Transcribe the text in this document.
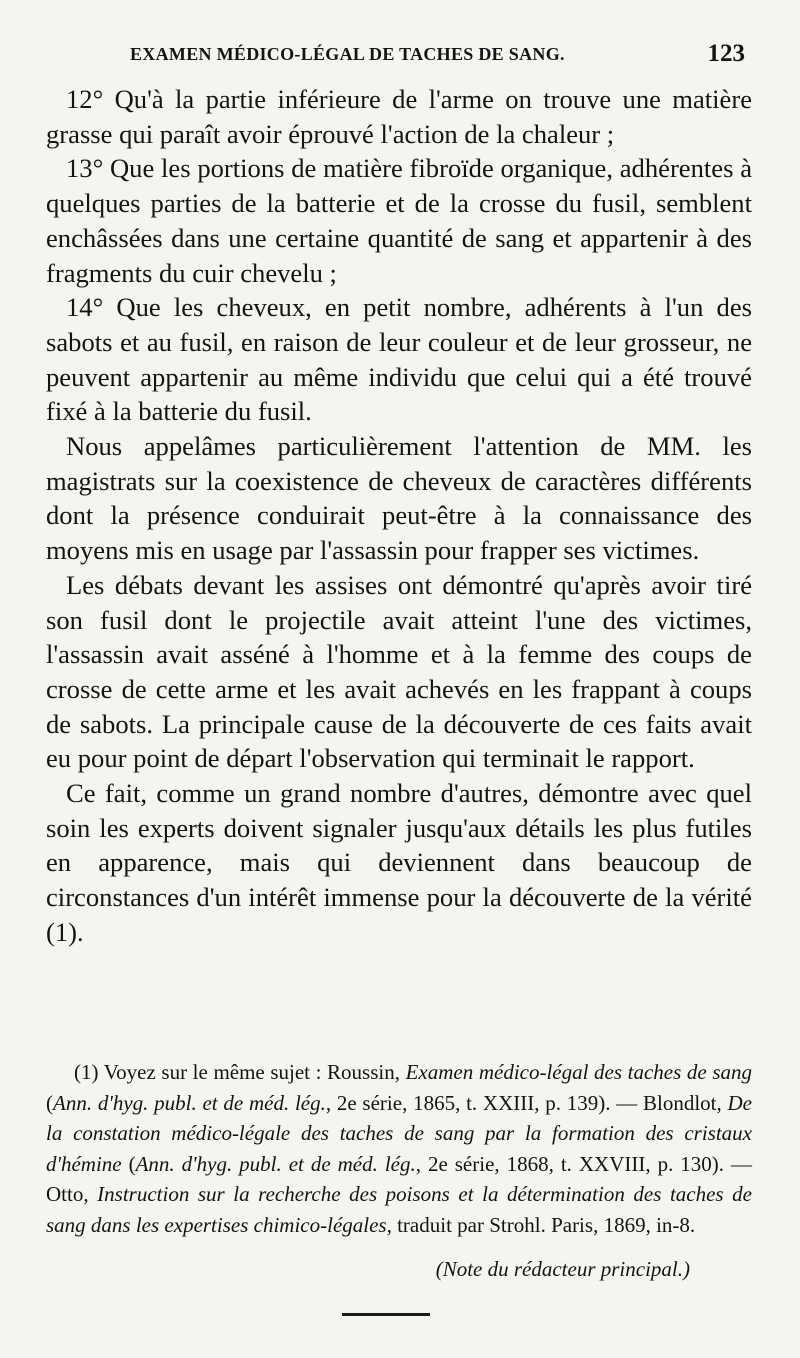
EXAMEN MÉDICO-LÉGAL DE TACHES DE SANG.	123

12° Qu'à la partie inférieure de l'arme on trouve une matière grasse qui paraît avoir éprouvé l'action de la chaleur ;

13° Que les portions de matière fibroïde organique, adhérentes à quelques parties de la batterie et de la crosse du fusil, semblent enchâssées dans une certaine quantité de sang et appartenir à des fragments du cuir chevelu ;

14° Que les cheveux, en petit nombre, adhérents à l'un des sabots et au fusil, en raison de leur couleur et de leur grosseur, ne peuvent appartenir au même individu que celui qui a été trouvé fixé à la batterie du fusil.

Nous appelâmes particulièrement l'attention de MM. les magistrats sur la coexistence de cheveux de caractères différents dont la présence conduirait peut-être à la connaissance des moyens mis en usage par l'assassin pour frapper ses victimes.

Les débats devant les assises ont démontré qu'après avoir tiré son fusil dont le projectile avait atteint l'une des victimes, l'assassin avait asséné à l'homme et à la femme des coups de crosse de cette arme et les avait achevés en les frappant à coups de sabots. La principale cause de la découverte de ces faits avait eu pour point de départ l'observation qui terminait le rapport.

Ce fait, comme un grand nombre d'autres, démontre avec quel soin les experts doivent signaler jusqu'aux détails les plus futiles en apparence, mais qui deviennent dans beaucoup de circonstances d'un intérêt immense pour la découverte de la vérité (1).

(1) Voyez sur le même sujet : Roussin, Examen médico-légal des taches de sang (Ann. d'hyg. publ. et de méd. lég., 2e série, 1865, t. XXIII, p. 139). — Blondlot, De la constation médico-légale des taches de sang par la formation des cristaux d'hémine (Ann. d'hyg. publ. et de méd. lég., 2e série, 1868, t. XXVIII, p. 130). — Otto, Instruction sur la recherche des poisons et la détermination des taches de sang dans les expertises chimico-légales, traduit par Strohl. Paris, 1869, in-8.

(Note du rédacteur principal.)
